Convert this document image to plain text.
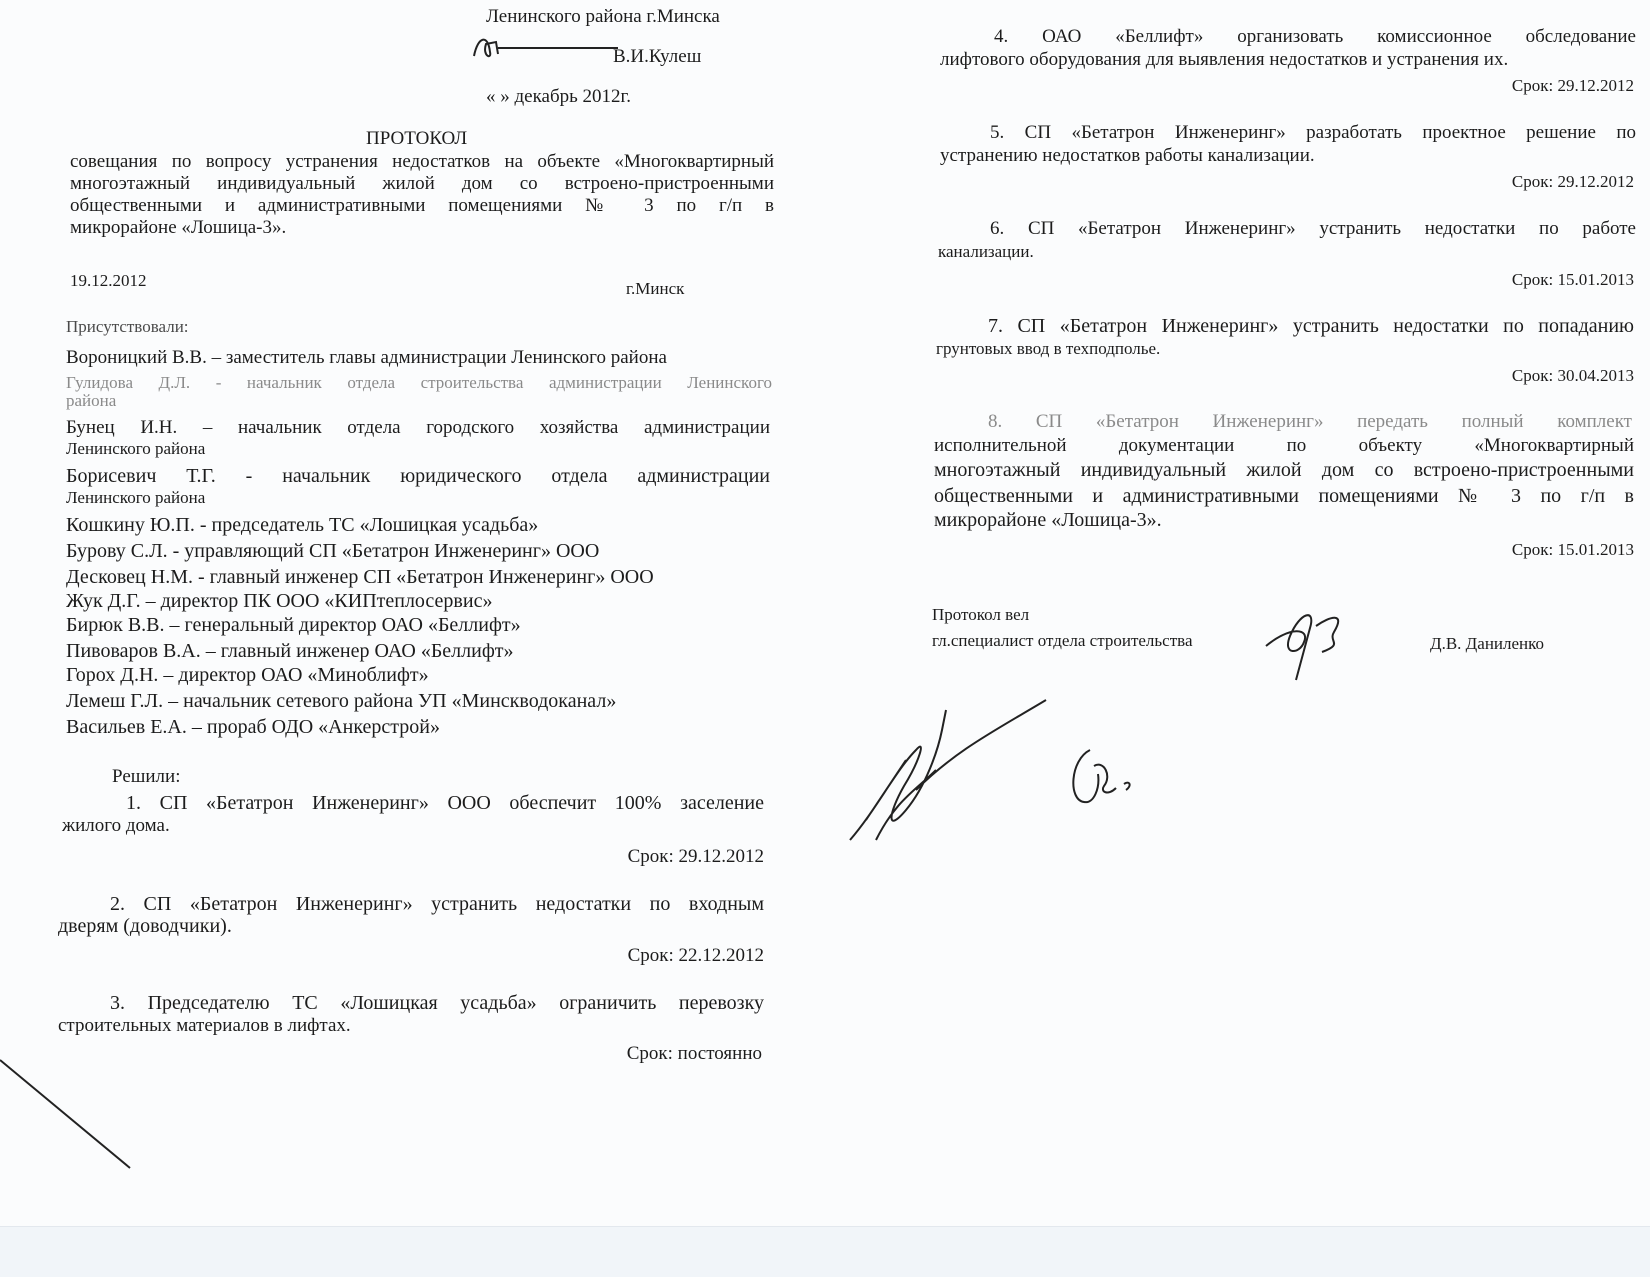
Ленинского района г.Минска
В.И.Кулеш
« » декабрь 2012г.
ПРОТОКОЛ
совещания по вопросу устранения недостатков на объекте «Многоквартирный
многоэтажный индивидуальный жилой дом со встроено-пристроенными
общественными и административными помещениями № 3 по г/п в
микрорайоне «Лошица-3».
19.12.2012	г.Минск
Присутствовали:
Вороницкий В.В. – заместитель главы администрации Ленинского района
Гулидова Д.Л. - начальник отдела строительства администрации Ленинского
района
Бунец И.Н. – начальник отдела городского хозяйства администрации
Ленинского района
Борисевич Т.Г. - начальник юридического отдела администрации
Ленинского района
Кошкину Ю.П. - председатель ТС «Лошицкая усадьба»
Бурову С.Л. - управляющий СП «Бетатрон Инженеринг» ООО
Десковец Н.М. - главный инженер СП «Бетатрон Инженеринг» ООО
Жук Д.Г. – директор ПК ООО «КИПтеплосервис»
Бирюк В.В. – генеральный директор ОАО «Беллифт»
Пивоваров В.А. – главный инженер ОАО «Беллифт»
Горох Д.Н. – директор ОАО «Миноблифт»
Лемеш Г.Л. – начальник сетевого района УП «Минскводоканал»
Васильев Е.А. – прораб ОДО «Анкерстрой»
Решили:
1. СП «Бетатрон Инженеринг» ООО обеспечит 100% заселение
жилого дома.
Срок: 29.12.2012
2. СП «Бетатрон Инженеринг» устранить недостатки по входным
дверям (доводчики).
Срок: 22.12.2012
3. Председателю ТС «Лошицкая усадьба» ограничить перевозку
строительных материалов в лифтах.
Срок: постоянно
4. ОАО «Беллифт» организовать комиссионное обследование
лифтового оборудования для выявления недостатков и устранения их.
Срок: 29.12.2012
5. СП «Бетатрон Инженеринг» разработать проектное решение по
устранению недостатков работы канализации.
Срок: 29.12.2012
6. СП «Бетатрон Инженеринг» устранить недостатки по работе
канализации.
Срок: 15.01.2013
7. СП «Бетатрон Инженеринг» устранить недостатки по попаданию
грунтовых ввод в техподполье.
Срок: 30.04.2013
8. СП «Бетатрон Инженеринг» передать полный комплект
исполнительной документации по объекту «Многоквартирный
многоэтажный индивидуальный жилой дом со встроено-пристроенными
общественными и административными помещениями № 3 по г/п в
микрорайоне «Лошица-3».
Срок: 15.01.2013
Протокол вел
гл.специалист отдела строительства	Д.В. Даниленко
